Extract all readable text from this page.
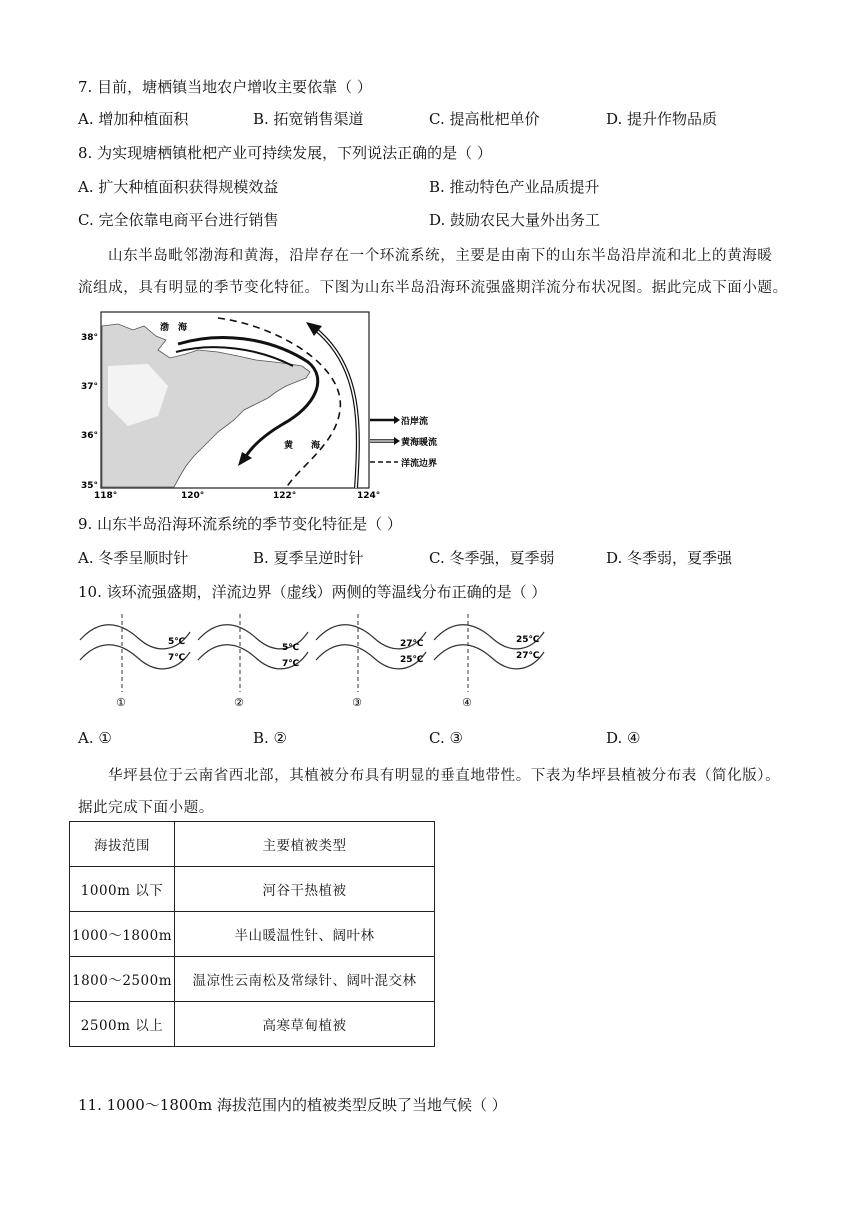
7. 目前，塘栖镇当地农户增收主要依靠（ ）
A. 增加种植面积	B. 拓宽销售渠道	C. 提高枇杷单价	D. 提升作物品质
8. 为实现塘栖镇枇杷产业可持续发展，下列说法正确的是（ ）
A. 扩大种植面积获得规模效益	B. 推动特色产业品质提升
C. 完全依靠电商平台进行销售	D. 鼓励农民大量外出务工
山东半岛毗邻渤海和黄海，沿岸存在一个环流系统，主要是由南下的山东半岛沿岸流和北上的黄海暖
流组成，具有明显的季节变化特征。下图为山东半岛沿海环流强盛期洋流分布状况图。据此完成下面小题。
渤　海
黄　　海
38°
37°
36°
35°
118°	120°	122°	124°
沿岸流
黄海暖流
洋流边界
9. 山东半岛沿海环流系统的季节变化特征是（ ）
A. 冬季呈顺时针	B. 夏季呈逆时针	C. 冬季强，夏季弱	D. 冬季弱，夏季强
10. 该环流强盛期，洋流边界（虚线）两侧的等温线分布正确的是（ ）
5℃
7℃
①
5℃
7℃
②
27℃
25℃
③
25℃
27℃
④
A. ①	B. ②	C. ③	D. ④
华坪县位于云南省西北部，其植被分布具有明显的垂直地带性。下表为华坪县植被分布表（简化版）。
据此完成下面小题。
海拔范围	主要植被类型
1000m 以下	河谷干热植被
1000～1800m	半山暖温性针、阔叶林
1800～2500m	温凉性云南松及常绿针、阔叶混交林
2500m 以上	高寒草甸植被
11. 1000～1800m 海拔范围内的植被类型反映了当地气候（ ）
